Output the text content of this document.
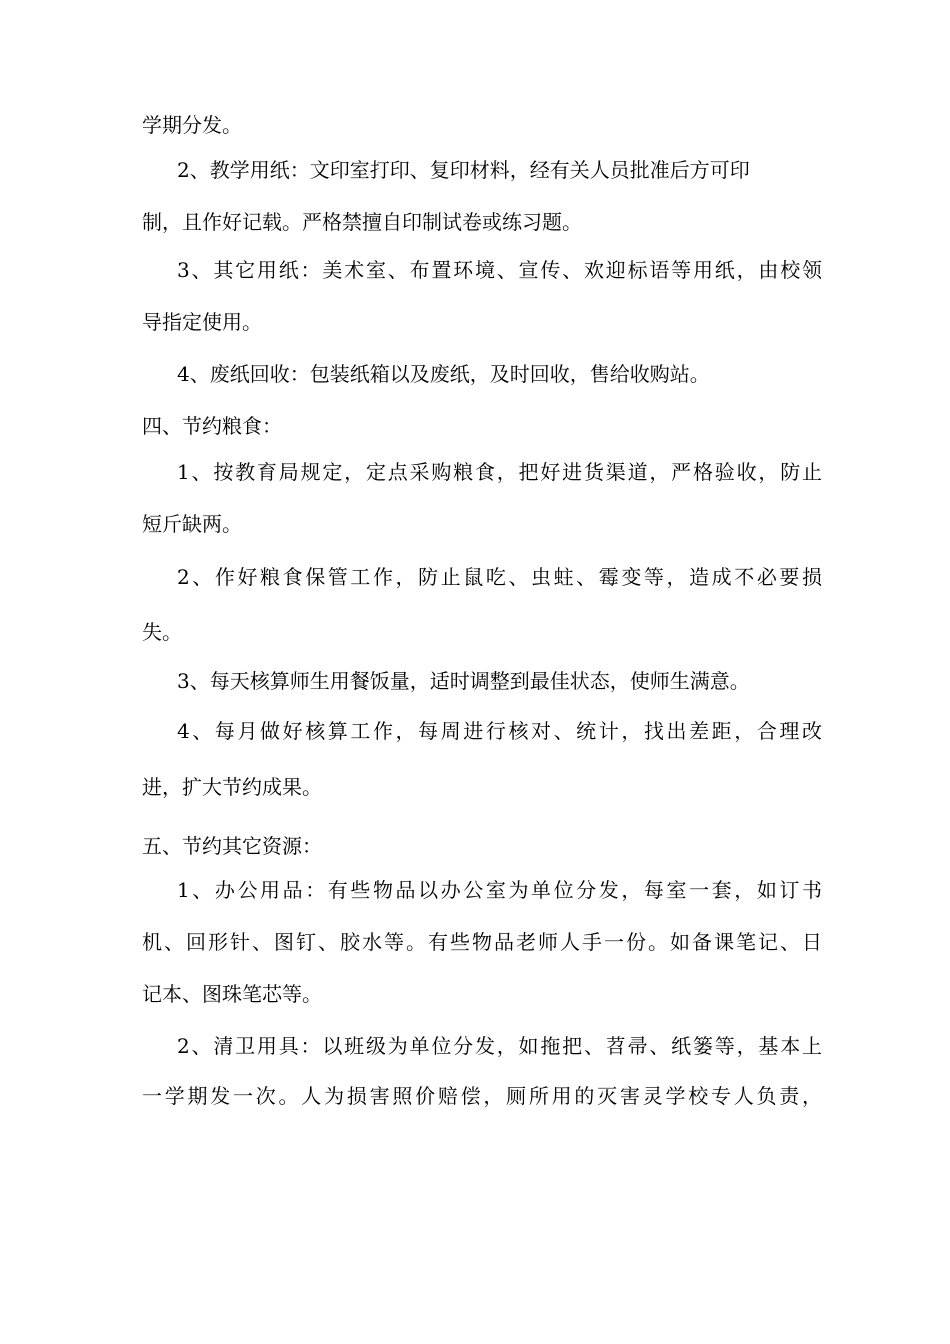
学期分发。

2、教学用纸：文印室打印、复印材料，经有关人员批准后方可印

制，且作好记载。严格禁擅自印制试卷或练习题。

3、其它用纸：美术室、布置环境、宣传、欢迎标语等用纸，由校领

导指定使用。

4、废纸回收：包装纸箱以及废纸，及时回收，售给收购站。

四、节约粮食：

1、按教育局规定，定点采购粮食，把好进货渠道，严格验收，防止

短斤缺两。

2、作好粮食保管工作，防止鼠吃、虫蛀、霉变等，造成不必要损

失。

3、每天核算师生用餐饭量，适时调整到最佳状态，使师生满意。

4、每月做好核算工作，每周进行核对、统计，找出差距，合理改

进，扩大节约成果。

五、节约其它资源：

1、办公用品：有些物品以办公室为单位分发，每室一套，如订书

机、回形针、图钉、胶水等。有些物品老师人手一份。如备课笔记、日

记本、图珠笔芯等。

2、清卫用具：以班级为单位分发，如拖把、苕帚、纸篓等，基本上

一学期发一次。人为损害照价赔偿，厕所用的灭害灵学校专人负责，
